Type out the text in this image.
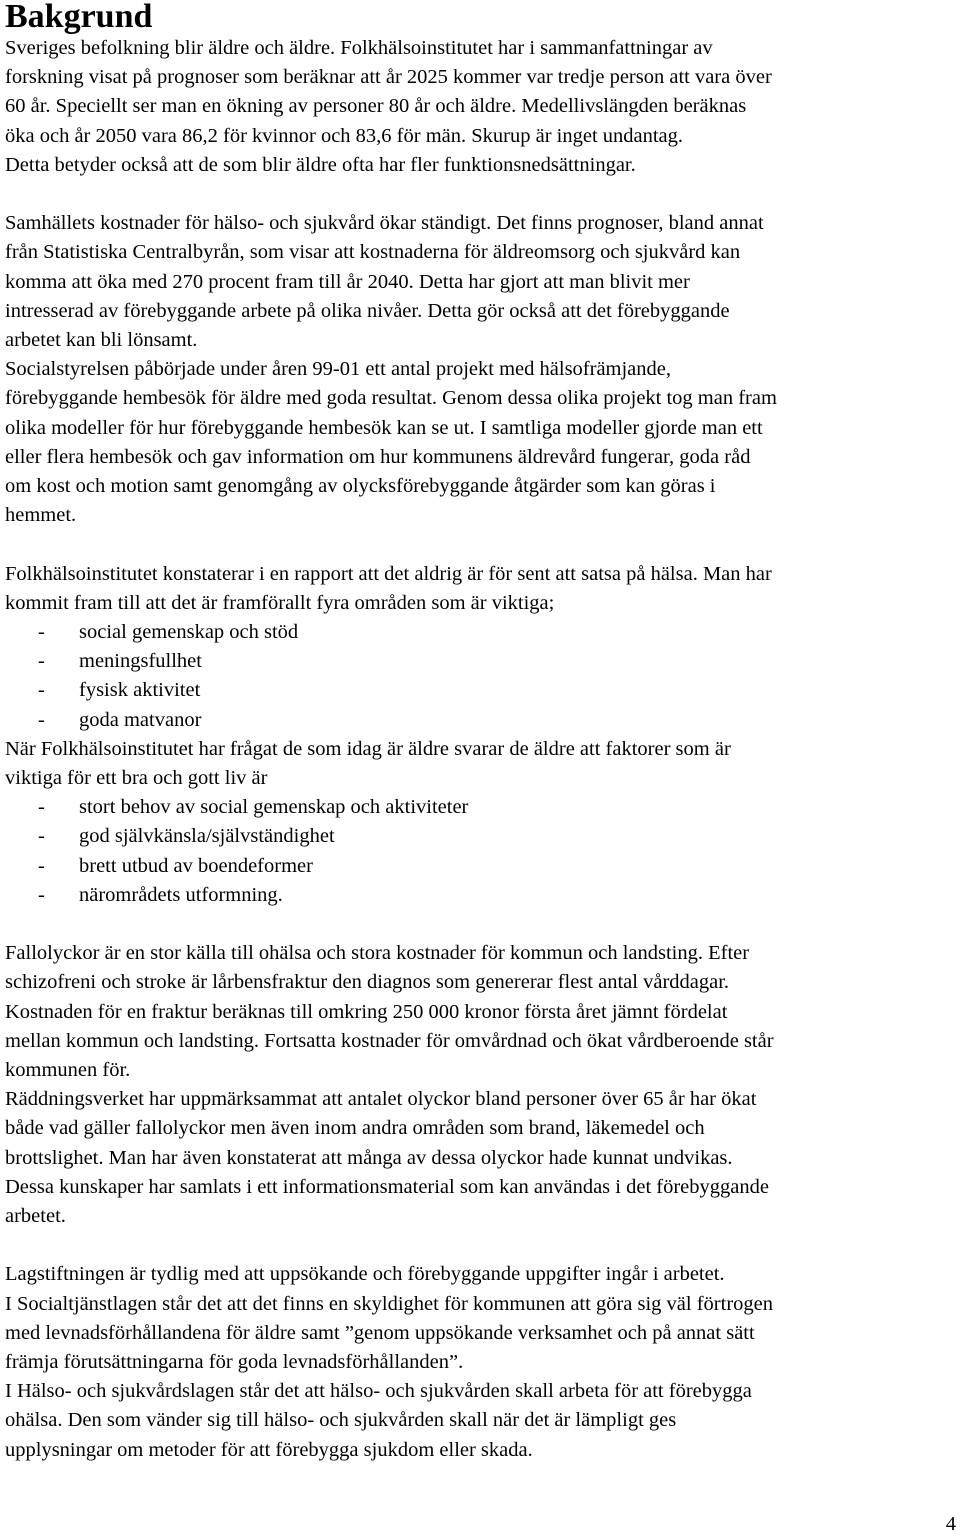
Bakgrund

Sveriges befolkning blir äldre och äldre. Folkhälsoinstitutet har i sammanfattningar av
forskning visat på prognoser som beräknar att år 2025 kommer var tredje person att vara över
60 år. Speciellt ser man en ökning av personer 80 år och äldre. Medellivslängden beräknas
öka och år 2050 vara 86,2 för kvinnor och 83,6 för män. Skurup är inget undantag.
Detta betyder också att de som blir äldre ofta har fler funktionsnedsättningar.

Samhällets kostnader för hälso- och sjukvård ökar ständigt. Det finns prognoser, bland annat
från Statistiska Centralbyrån, som visar att kostnaderna för äldreomsorg och sjukvård kan
komma att öka med 270 procent fram till år 2040. Detta har gjort att man blivit mer
intresserad av förebyggande arbete på olika nivåer. Detta gör också att det förebyggande
arbetet kan bli lönsamt.

Socialstyrelsen påbörjade under åren 99-01 ett antal projekt med hälsofrämjande,
förebyggande hembesök för äldre med goda resultat. Genom dessa olika projekt tog man fram
olika modeller för hur förebyggande hembesök kan se ut. I samtliga modeller gjorde man ett
eller flera hembesök och gav information om hur kommunens äldrevård fungerar, goda råd
om kost och motion samt genomgång av olycksförebyggande åtgärder som kan göras i
hemmet.

Folkhälsoinstitutet konstaterar i en rapport att det aldrig är för sent att satsa på hälsa. Man har
kommit fram till att det är framförallt fyra områden som är viktiga;

-	social gemenskap och stöd
-	meningsfullhet
-	fysisk aktivitet
-	goda matvanor

När Folkhälsoinstitutet har frågat de som idag är äldre svarar de äldre att faktorer som är
viktiga för ett bra och gott liv är

-	stort behov av social gemenskap och aktiviteter
-	god självkänsla/självständighet
-	brett utbud av boendeformer
-	närområdets utformning.

Fallolyckor är en stor källa till ohälsa och stora kostnader för kommun och landsting. Efter
schizofreni och stroke är lårbensfraktur den diagnos som genererar flest antal vårddagar.
Kostnaden för en fraktur beräknas till omkring 250 000 kronor första året jämnt fördelat
mellan kommun och landsting. Fortsatta kostnader för omvårdnad och ökat vårdberoende står
kommunen för.

Räddningsverket har uppmärksammat att antalet olyckor bland personer över 65 år har ökat
både vad gäller fallolyckor men även inom andra områden som brand, läkemedel och
brottslighet. Man har även konstaterat att många av dessa olyckor hade kunnat undvikas.
Dessa kunskaper har samlats i ett informationsmaterial som kan användas i det förebyggande
arbetet.

Lagstiftningen är tydlig med att uppsökande och förebyggande uppgifter ingår i arbetet.
I Socialtjänstlagen står det att det finns en skyldighet för kommunen att göra sig väl förtrogen
med levnadsförhållandena för äldre samt ”genom uppsökande verksamhet och på annat sätt
främja förutsättningarna för goda levnadsförhållanden”.
I Hälso- och sjukvårdslagen står det att hälso- och sjukvården skall arbeta för att förebygga
ohälsa. Den som vänder sig till hälso- och sjukvården skall när det är lämpligt ges
upplysningar om metoder för att förebygga sjukdom eller skada.

4
